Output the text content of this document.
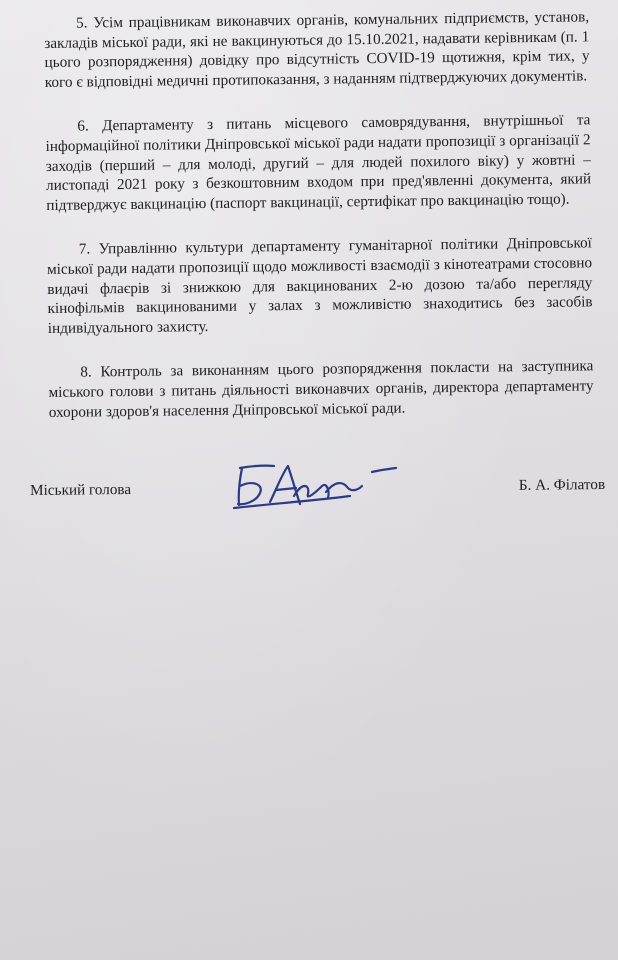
5. Усім працівникам виконавчих органів, комунальних підприємств, установ, закладів міської ради, які не вакцинуються до 15.10.2021, надавати керівникам (п. 1 цього розпорядження) довідку про відсутність COVID-19 щотижня, крім тих, у кого є відповідні медичні протипоказання, з наданням підтверджуючих документів.

6. Департаменту з питань місцевого самоврядування, внутрішньої та інформаційної політики Дніпровської міської ради надати пропозиції з організації 2 заходів (перший – для молоді, другий – для людей похилого віку) у жовтні – листопаді 2021 року з безкоштовним входом при пред'явленні документа, який підтверджує вакцинацію (паспорт вакцинації, сертифікат про вакцинацію тощо).

7. Управлінню культури департаменту гуманітарної політики Дніпровської міської ради надати пропозиції щодо можливості взаємодії з кінотеатрами стосовно видачі флаєрів зі знижкою для вакцинованих 2-ю дозою та/або перегляду кінофільмів вакцинованими у залах з можливістю знаходитись без засобів індивідуального захисту.

8. Контроль за виконанням цього розпорядження покласти на заступника міського голови з питань діяльності виконавчих органів, директора департаменту охорони здоров'я населення Дніпровської міської ради.

Міський голова	Б. А. Філатов
